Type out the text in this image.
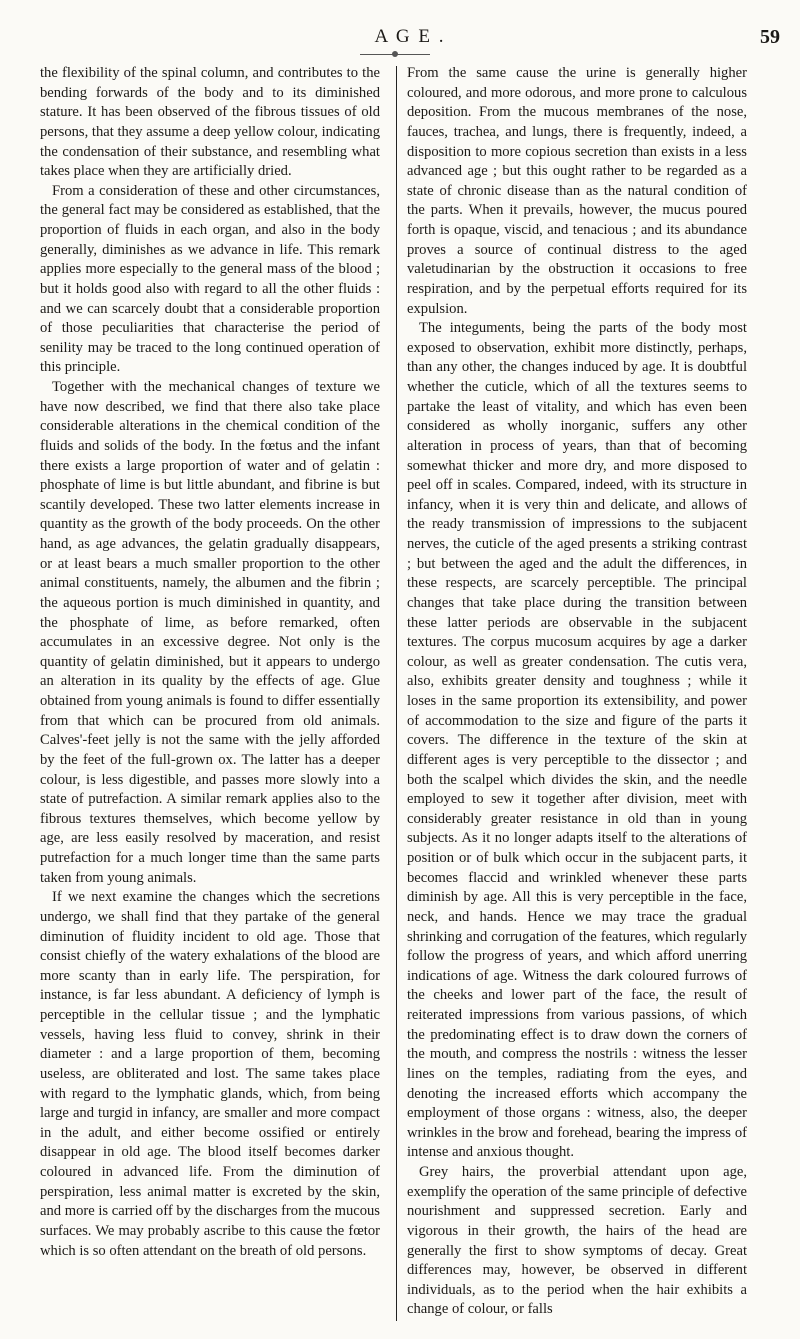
A G E .	59

the flexibility of the spinal column, and contributes to the bending forwards of the body and to its diminished stature. It has been observed of the fibrous tissues of old persons, that they assume a deep yellow colour, indicating the condensation of their substance, and resembling what takes place when they are artificially dried.

From a consideration of these and other circumstances, the general fact may be considered as established, that the proportion of fluids in each organ, and also in the body generally, diminishes as we advance in life. This remark applies more especially to the general mass of the blood ; but it holds good also with regard to all the other fluids : and we can scarcely doubt that a considerable proportion of those peculiarities that characterise the period of senility may be traced to the long continued operation of this principle.

Together with the mechanical changes of texture we have now described, we find that there also take place considerable alterations in the chemical condition of the fluids and solids of the body. In the fœtus and the infant there exists a large proportion of water and of gelatin : phosphate of lime is but little abundant, and fibrine is but scantily developed. These two latter elements increase in quantity as the growth of the body proceeds. On the other hand, as age advances, the gelatin gradually disappears, or at least bears a much smaller proportion to the other animal constituents, namely, the albumen and the fibrin ; the aqueous portion is much diminished in quantity, and the phosphate of lime, as before remarked, often accumulates in an excessive degree. Not only is the quantity of gelatin diminished, but it appears to undergo an alteration in its quality by the effects of age. Glue obtained from young animals is found to differ essentially from that which can be procured from old animals. Calves'-feet jelly is not the same with the jelly afforded by the feet of the full-grown ox. The latter has a deeper colour, is less digestible, and passes more slowly into a state of putrefaction. A similar remark applies also to the fibrous textures themselves, which become yellow by age, are less easily resolved by maceration, and resist putrefaction for a much longer time than the same parts taken from young animals.

If we next examine the changes which the secretions undergo, we shall find that they partake of the general diminution of fluidity incident to old age. Those that consist chiefly of the watery exhalations of the blood are more scanty than in early life. The perspiration, for instance, is far less abundant. A deficiency of lymph is perceptible in the cellular tissue ; and the lymphatic vessels, having less fluid to convey, shrink in their diameter : and a large proportion of them, becoming useless, are obliterated and lost. The same takes place with regard to the lymphatic glands, which, from being large and turgid in infancy, are smaller and more compact in the adult, and either become ossified or entirely disappear in old age. The blood itself becomes darker coloured in advanced life. From the diminution of perspiration, less animal matter is excreted by the skin, and more is carried off by the discharges from the mucous surfaces. We may probably ascribe to this cause the fœtor which is so often attendant on the breath of old persons.

From the same cause the urine is generally higher coloured, and more odorous, and more prone to calculous deposition. From the mucous membranes of the nose, fauces, trachea, and lungs, there is frequently, indeed, a disposition to more copious secretion than exists in a less advanced age ; but this ought rather to be regarded as a state of chronic disease than as the natural condition of the parts. When it prevails, however, the mucus poured forth is opaque, viscid, and tenacious ; and its abundance proves a source of continual distress to the aged valetudinarian by the obstruction it occasions to free respiration, and by the perpetual efforts required for its expulsion.

The integuments, being the parts of the body most exposed to observation, exhibit more distinctly, perhaps, than any other, the changes induced by age. It is doubtful whether the cuticle, which of all the textures seems to partake the least of vitality, and which has even been considered as wholly inorganic, suffers any other alteration in process of years, than that of becoming somewhat thicker and more dry, and more disposed to peel off in scales. Compared, indeed, with its structure in infancy, when it is very thin and delicate, and allows of the ready transmission of impressions to the subjacent nerves, the cuticle of the aged presents a striking contrast ; but between the aged and the adult the differences, in these respects, are scarcely perceptible. The principal changes that take place during the transition between these latter periods are observable in the subjacent textures. The corpus mucosum acquires by age a darker colour, as well as greater condensation. The cutis vera, also, exhibits greater density and toughness ; while it loses in the same proportion its extensibility, and power of accommodation to the size and figure of the parts it covers. The difference in the texture of the skin at different ages is very perceptible to the dissector ; and both the scalpel which divides the skin, and the needle employed to sew it together after division, meet with considerably greater resistance in old than in young subjects. As it no longer adapts itself to the alterations of position or of bulk which occur in the subjacent parts, it becomes flaccid and wrinkled whenever these parts diminish by age. All this is very perceptible in the face, neck, and hands. Hence we may trace the gradual shrinking and corrugation of the features, which regularly follow the progress of years, and which afford unerring indications of age. Witness the dark coloured furrows of the cheeks and lower part of the face, the result of reiterated impressions from various passions, of which the predominating effect is to draw down the corners of the mouth, and compress the nostrils : witness the lesser lines on the temples, radiating from the eyes, and denoting the increased efforts which accompany the employment of those organs : witness, also, the deeper wrinkles in the brow and forehead, bearing the impress of intense and anxious thought.

Grey hairs, the proverbial attendant upon age, exemplify the operation of the same principle of defective nourishment and suppressed secretion. Early and vigorous in their growth, the hairs of the head are generally the first to show symptoms of decay. Great differences may, however, be observed in different individuals, as to the period when the hair exhibits a change of colour, or falls
